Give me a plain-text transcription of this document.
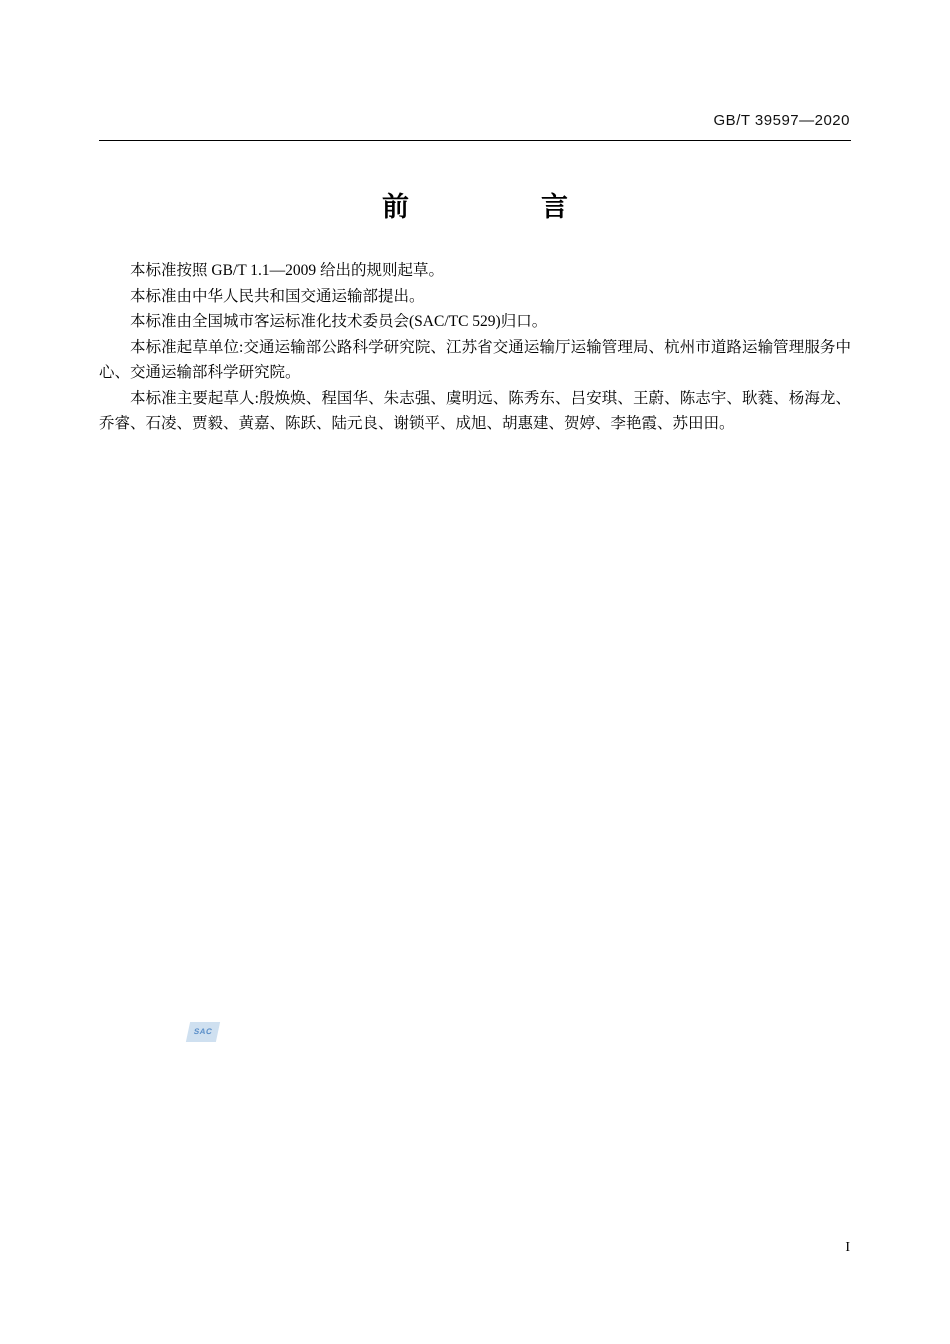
GB/T 39597—2020
前　　言

本标准按照 GB/T 1.1—2009 给出的规则起草。

本标准由中华人民共和国交通运输部提出。

本标准由全国城市客运标准化技术委员会(SAC/TC 529)归口。

本标准起草单位:交通运输部公路科学研究院、江苏省交通运输厅运输管理局、杭州市道路运输管理服务中心、交通运输部科学研究院。

本标准主要起草人:殷焕焕、程国华、朱志强、虞明远、陈秀东、吕安琪、王蔚、陈志宇、耿蕤、杨海龙、乔睿、石凌、贾毅、黄嘉、陈跃、陆元良、谢锁平、成旭、胡惠建、贺婷、李艳霞、苏田田。

SAC
I
